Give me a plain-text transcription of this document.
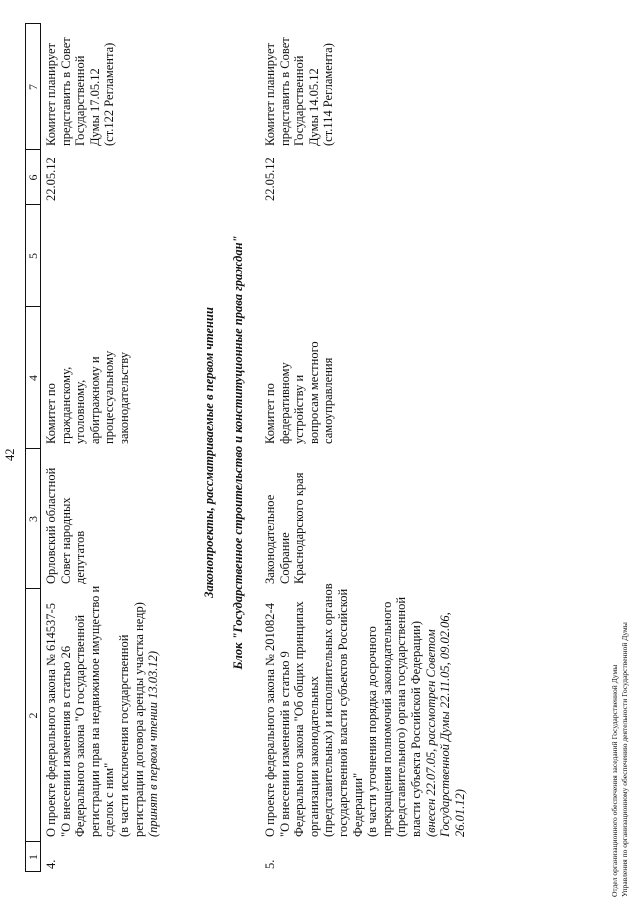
42
1
2
3
4
5
6
7
4.
О проекте федерального закона № 614537-5 "О внесении изменения в статью 26 Федерального закона "О государственной регистрации прав на недвижимое имущество и сделок с ним" (в части исключения государственной регистрации договора аренды участка недр) (принят в первом чтении 13.03.12)
Орловский областной Совет народных депутатов
Комитет по гражданскому, уголовному, арбитражному и процессуальному законодательству
22.05.12
Комитет планирует представить в Совет Государственной Думы 17.05.12 (ст.122 Регламента)
Законопроекты, рассматриваемые в первом чтении Блок "Государственное строительство и конституционные права граждан"
5.
О проекте федерального закона № 201082-4 "О внесении изменений в статью 9 Федерального закона "Об общих принципах организации законодательных (представительных) и исполнительных органов государственной власти субъектов Российской Федерации" (в части уточнения порядка досрочного прекращения полномочий законодательного (представительного) органа государственной власти субъекта Российской Федерации) (внесен 22.07.05, рассмотрен Советом Государственной Думы 22.11.05, 09.02.06, 26.01.12)
Законодательное Собрание Краснодарского края
Комитет по федеративному устройству и вопросам местного самоуправления
22.05.12
Комитет планирует представить в Совет Государственной Думы 14.05.12 (ст.114 Регламента)
Отдел организационного обеспечения заседаний Государственной Думы Управления по организационному обеспечению деятельности Государственной Думы
